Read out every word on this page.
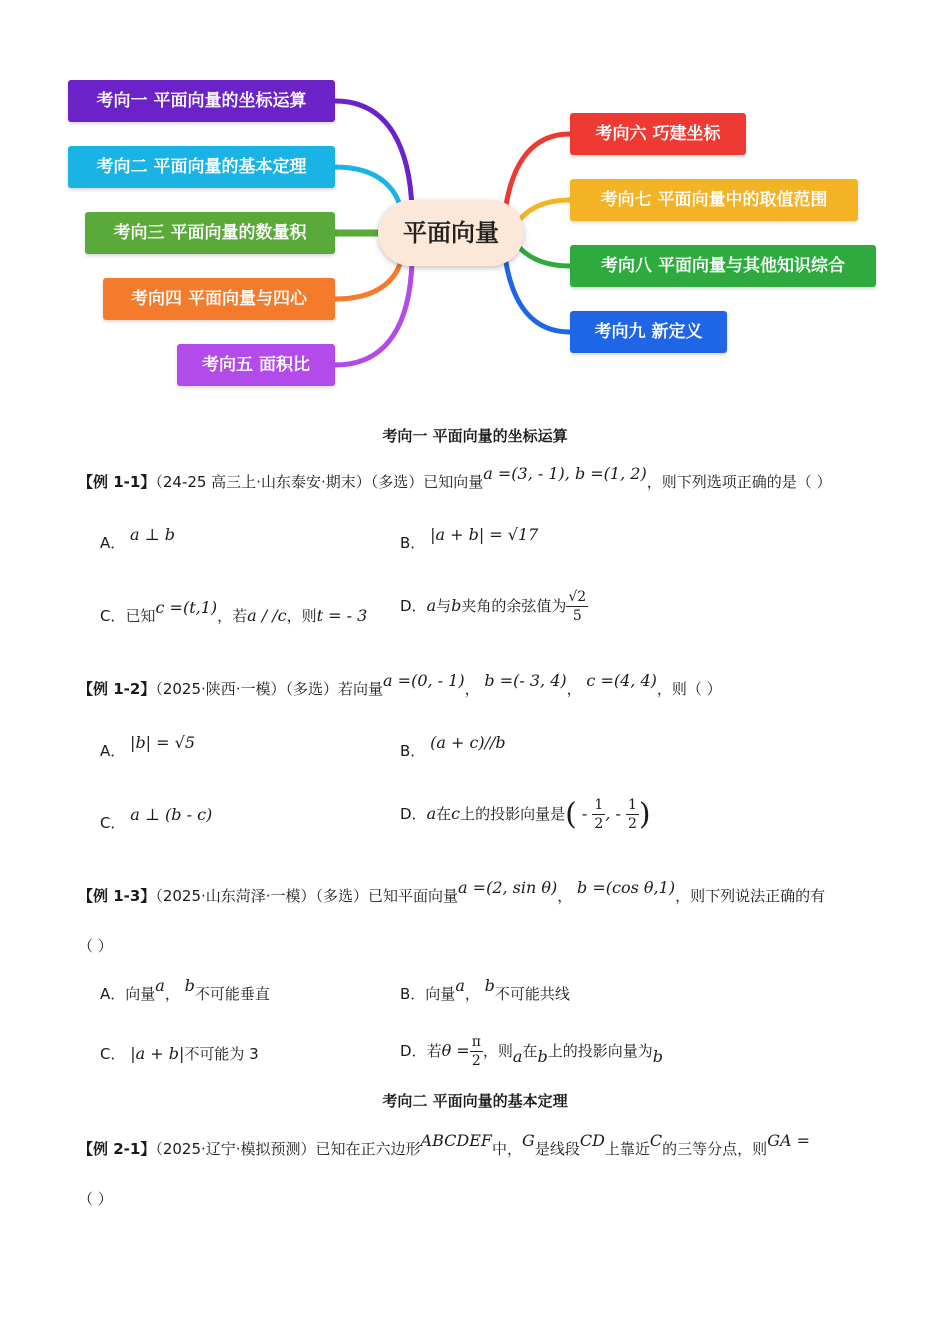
考向一 平面向量的坐标运算
考向二 平面向量的基本定理
考向三 平面向量的数量积
考向四 平面向量与四心
考向五 面积比
考向六 巧建坐标
考向七 平面向量中的取值范围
考向八 平面向量与其他知识综合
考向九 新定义
平面向量
考向一 平面向量的坐标运算
【例 1-1】（24-25 高三上·山东泰安·期末）（多选）已知向量a =(3, - 1), b =(1, 2)，则下列选项正确的是（ ）
A． a ⊥ b	B． |a + b| = √17
C．已知c =(t,1)，若a / /c，则t = - 3 D．a与b夹角的余弦值为 $\frac{√2}{5}$
【例 1-2】（2025·陕西·一模）（多选）若向量a =(0, - 1)， b =(- 3, 4)， c =(4, 4)，则（ ）
A． |b| = √5	B． (a + c)//b
C． a ⊥ (b - c)	D．a在c上的投影向量是( - $\frac{1}{2}$ , - $\frac{1}{2}$ )
【例 1-3】（2025·山东菏泽·一模）（多选）已知平面向量a =(2, sin θ)， b =(cos θ,1)，则下列说法正确的有
（ ）
A．向量a， b不可能垂直	B．向量a， b不可能共线
C． |a + b|不可能为 3	D．若$\theta = \frac{\pi}{2}$ ，则a在b上的投影向量为b
考向二 平面向量的基本定理
【例 2-1】（2025·辽宁·模拟预测）已知在正六边形ABCDEF中，G是线段CD上靠近C的三等分点，则GA =
（ ）
